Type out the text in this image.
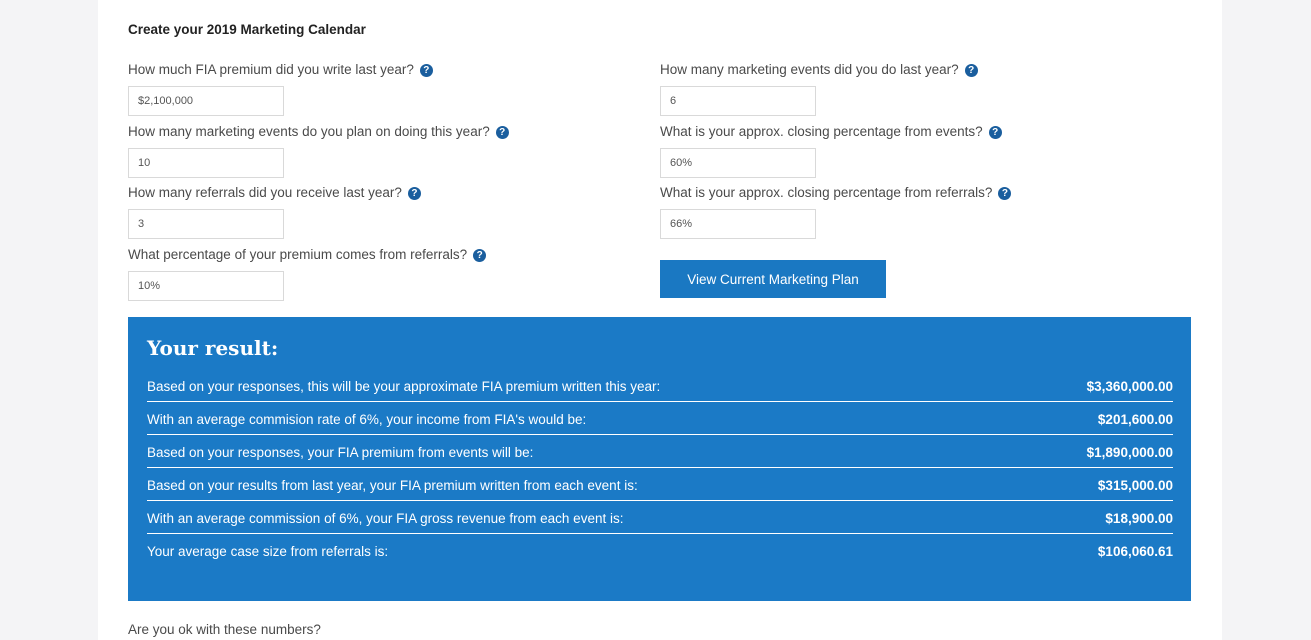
Create your 2019 Marketing Calendar
How much FIA premium did you write last year? ?
$2,100,000
How many marketing events do you plan on doing this year? ?
10
How many referrals did you receive last year? ?
3
What percentage of your premium comes from referrals? ?
10%
How many marketing events did you do last year? ?
6
What is your approx. closing percentage from events? ?
60%
What is your approx. closing percentage from referrals? ?
66%
View Current Marketing Plan
Your result:
Based on your responses, this will be your approximate FIA premium written this year:	$3,360,000.00
With an average commision rate of 6%, your income from FIA's would be:	$201,600.00
Based on your responses, your FIA premium from events will be:	$1,890,000.00
Based on your results from last year, your FIA premium written from each event is:	$315,000.00
With an average commission of 6%, your FIA gross revenue from each event is:	$18,900.00
Your average case size from referrals is:	$106,060.61
Are you ok with these numbers?
